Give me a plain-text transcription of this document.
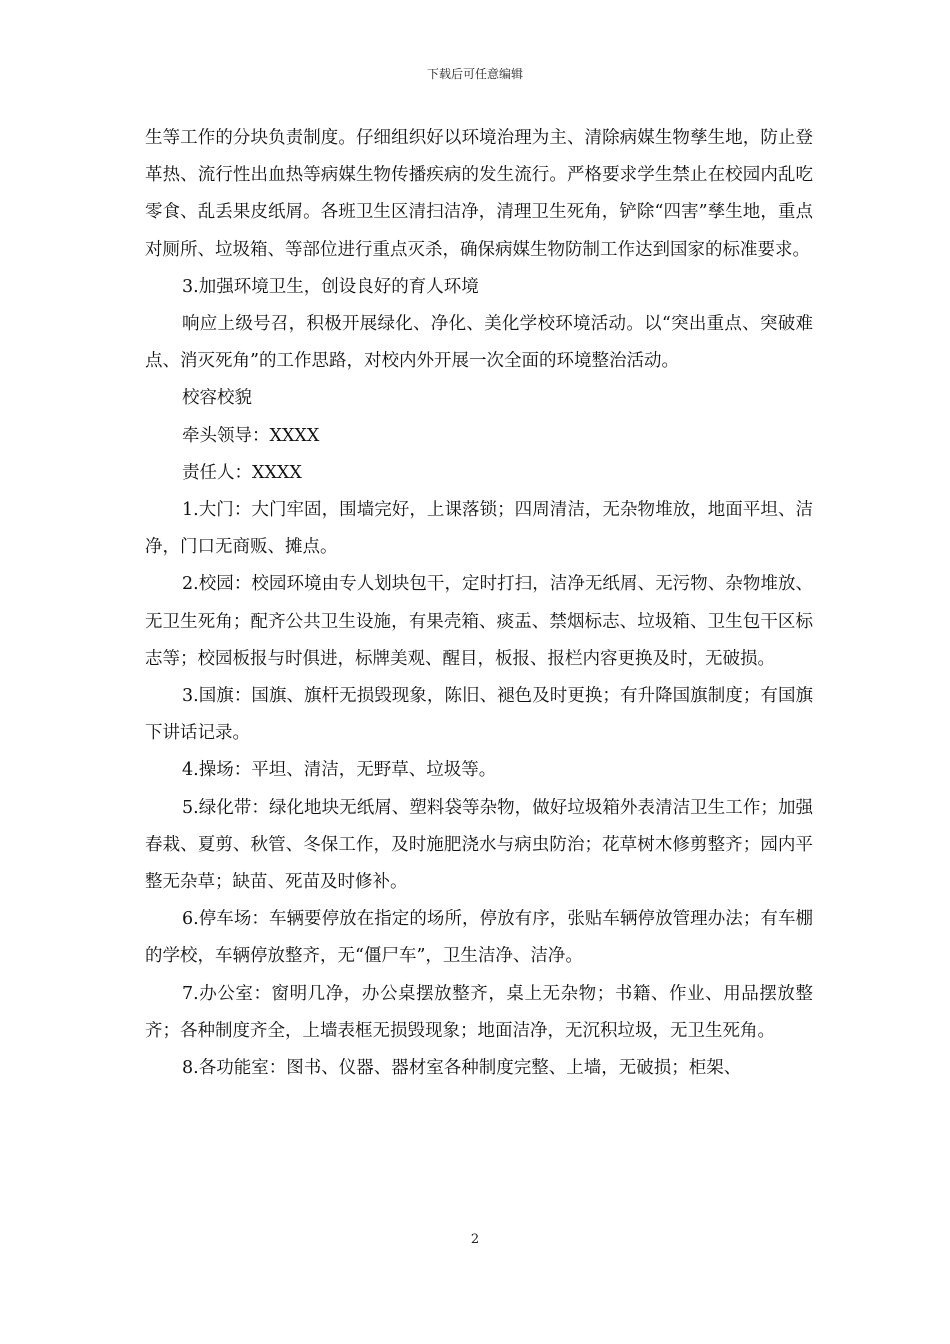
下载后可任意编辑

生等工作的分块负责制度。仔细组织好以环境治理为主、清除病媒生物孳生地，防止登革热、流行性出血热等病媒生物传播疾病的发生流行。严格要求学生禁止在校园内乱吃零食、乱丢果皮纸屑。各班卫生区清扫洁净，清理卫生死角，铲除“四害”孳生地，重点对厕所、垃圾箱、等部位进行重点灭杀，确保病媒生物防制工作达到国家的标准要求。

3.加强环境卫生，创设良好的育人环境

响应上级号召，积极开展绿化、净化、美化学校环境活动。以“突出重点、突破难点、消灭死角”的工作思路，对校内外开展一次全面的环境整治活动。

校容校貌

牵头领导：XXXX

责任人：XXXX

1.大门：大门牢固，围墙完好，上课落锁；四周清洁，无杂物堆放，地面平坦、洁净，门口无商贩、摊点。

2.校园：校园环境由专人划块包干，定时打扫，洁净无纸屑、无污物、杂物堆放、无卫生死角；配齐公共卫生设施，有果壳箱、痰盂、禁烟标志、垃圾箱、卫生包干区标志等；校园板报与时俱进，标牌美观、醒目，板报、报栏内容更换及时，无破损。

3.国旗：国旗、旗杆无损毁现象，陈旧、褪色及时更换；有升降国旗制度；有国旗下讲话记录。

4.操场：平坦、清洁，无野草、垃圾等。

5.绿化带：绿化地块无纸屑、塑料袋等杂物，做好垃圾箱外表清洁卫生工作；加强春栽、夏剪、秋管、冬保工作，及时施肥浇水与病虫防治；花草树木修剪整齐；园内平整无杂草；缺苗、死苗及时修补。

6.停车场：车辆要停放在指定的场所，停放有序，张贴车辆停放管理办法；有车棚的学校，车辆停放整齐，无“僵尸车”，卫生洁净、洁净。

7.办公室：窗明几净，办公桌摆放整齐，桌上无杂物；书籍、作业、用品摆放整齐；各种制度齐全，上墙表框无损毁现象；地面洁净，无沉积垃圾，无卫生死角。

8.各功能室：图书、仪器、器材室各种制度完整、上墙，无破损；柜架、

2
